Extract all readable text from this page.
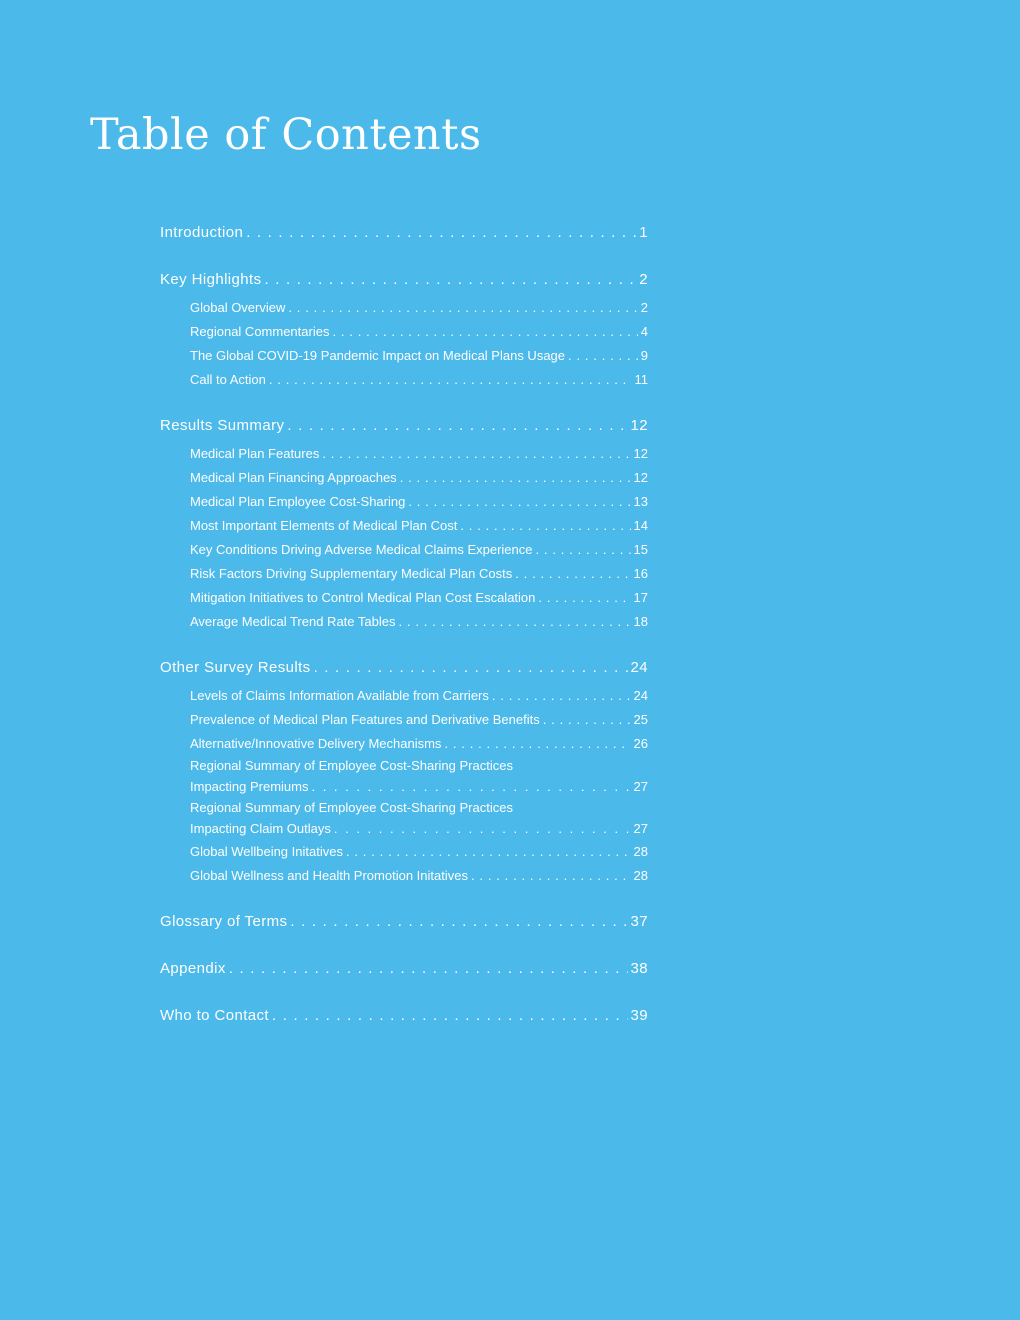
Table of Contents
Introduction . . .	1
Key Highlights . . .	2
Global Overview . . .	2
Regional Commentaries . . .	4
The Global COVID-19 Pandemic Impact on Medical Plans Usage . . .	9
Call to Action . . .	11
Results Summary . . .	12
Medical Plan Features . . .	12
Medical Plan Financing Approaches . . .	12
Medical Plan Employee Cost-Sharing . . .	13
Most Important Elements of Medical Plan Cost . . .	14
Key Conditions Driving Adverse Medical Claims Experience . . .	15
Risk Factors Driving Supplementary Medical Plan Costs . . .	16
Mitigation Initiatives to Control Medical Plan Cost Escalation . . .	17
Average Medical Trend Rate Tables . . .	18
Other Survey Results . . .	24
Levels of Claims Information Available from Carriers . . .	24
Prevalence of Medical Plan Features and Derivative Benefits . . .	25
Alternative/Innovative Delivery Mechanisms . . .	26
Regional Summary of Employee Cost-Sharing Practices
Impacting Premiums . . .	27
Regional Summary of Employee Cost-Sharing Practices
Impacting Claim Outlays . . .	27
Global Wellbeing Initatives . . .	28
Global Wellness and Health Promotion Initatives . . .	28
Glossary of Terms . . .	37
Appendix . . .	38
Who to Contact . . .	39
